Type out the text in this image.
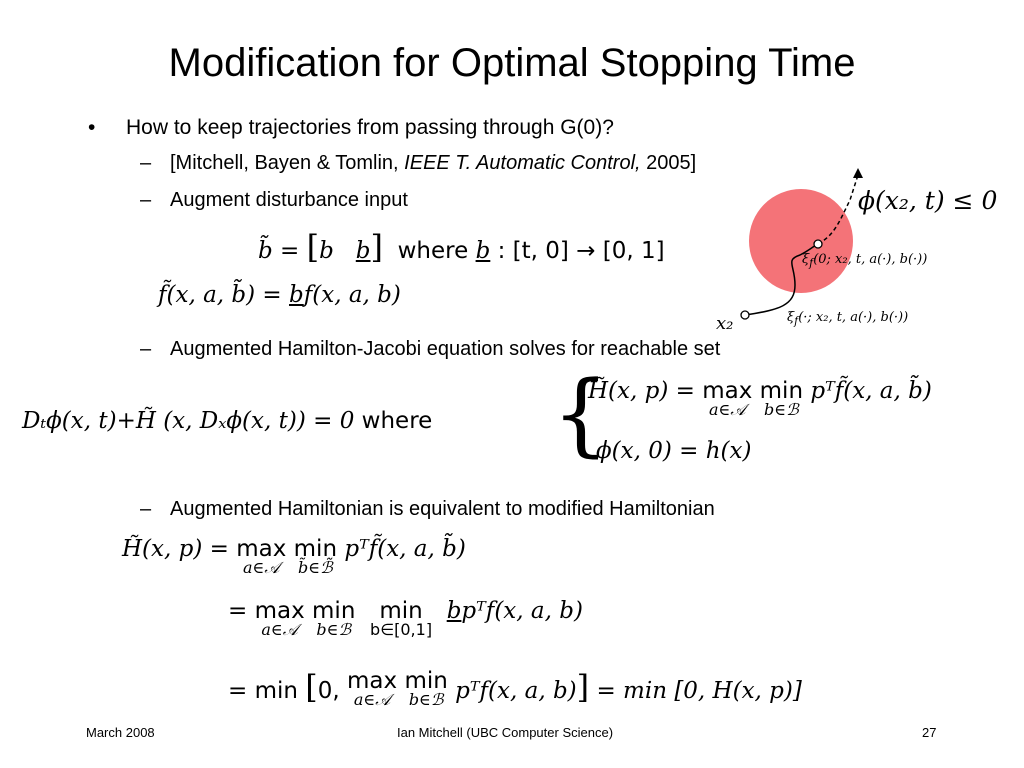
Modification for Optimal Stopping Time
• How to keep trajectories from passing through G(0)?
– [Mitchell, Bayen & Tomlin, IEEE T. Automatic Control, 2005]
– Augment disturbance input
b̃ = [b b] where b : [t, 0] → [0, 1]
f̃(x, a, b̃) = bf(x, a, b)
ϕ(x₂, t) ≤ 0
$\xi_f(0$; x₂, t, a(·), b(·))
$\xi_f(\cdot$; x₂, t, a(·), b(·))
x₂
– Augmented Hamilton-Jacobi equation solves for reachable set
Dₜϕ(x, t)+H̃ (x, Dₓϕ(x, t)) = 0 where {
H̃(x, p) = max
a∈𝒜
min
b∈ℬ
pᵀf̃(x, a, b̃)
ϕ(x, 0) = h(x)
– Augmented Hamiltonian is equivalent to modified Hamiltonian
H̃(x, p) = max
a∈𝒜
min
b̃∈ℬ̃
pᵀf̃(x, a, b̃)
= max
a∈𝒜
min
b∈ℬ
min
b∈[0,1]
bpᵀf(x, a, b)
= min [0, max
a∈𝒜
min
b∈ℬ pᵀf(x, a, b)] = min [0, H(x, p)]
March 2008	Ian Mitchell (UBC Computer Science)	27
